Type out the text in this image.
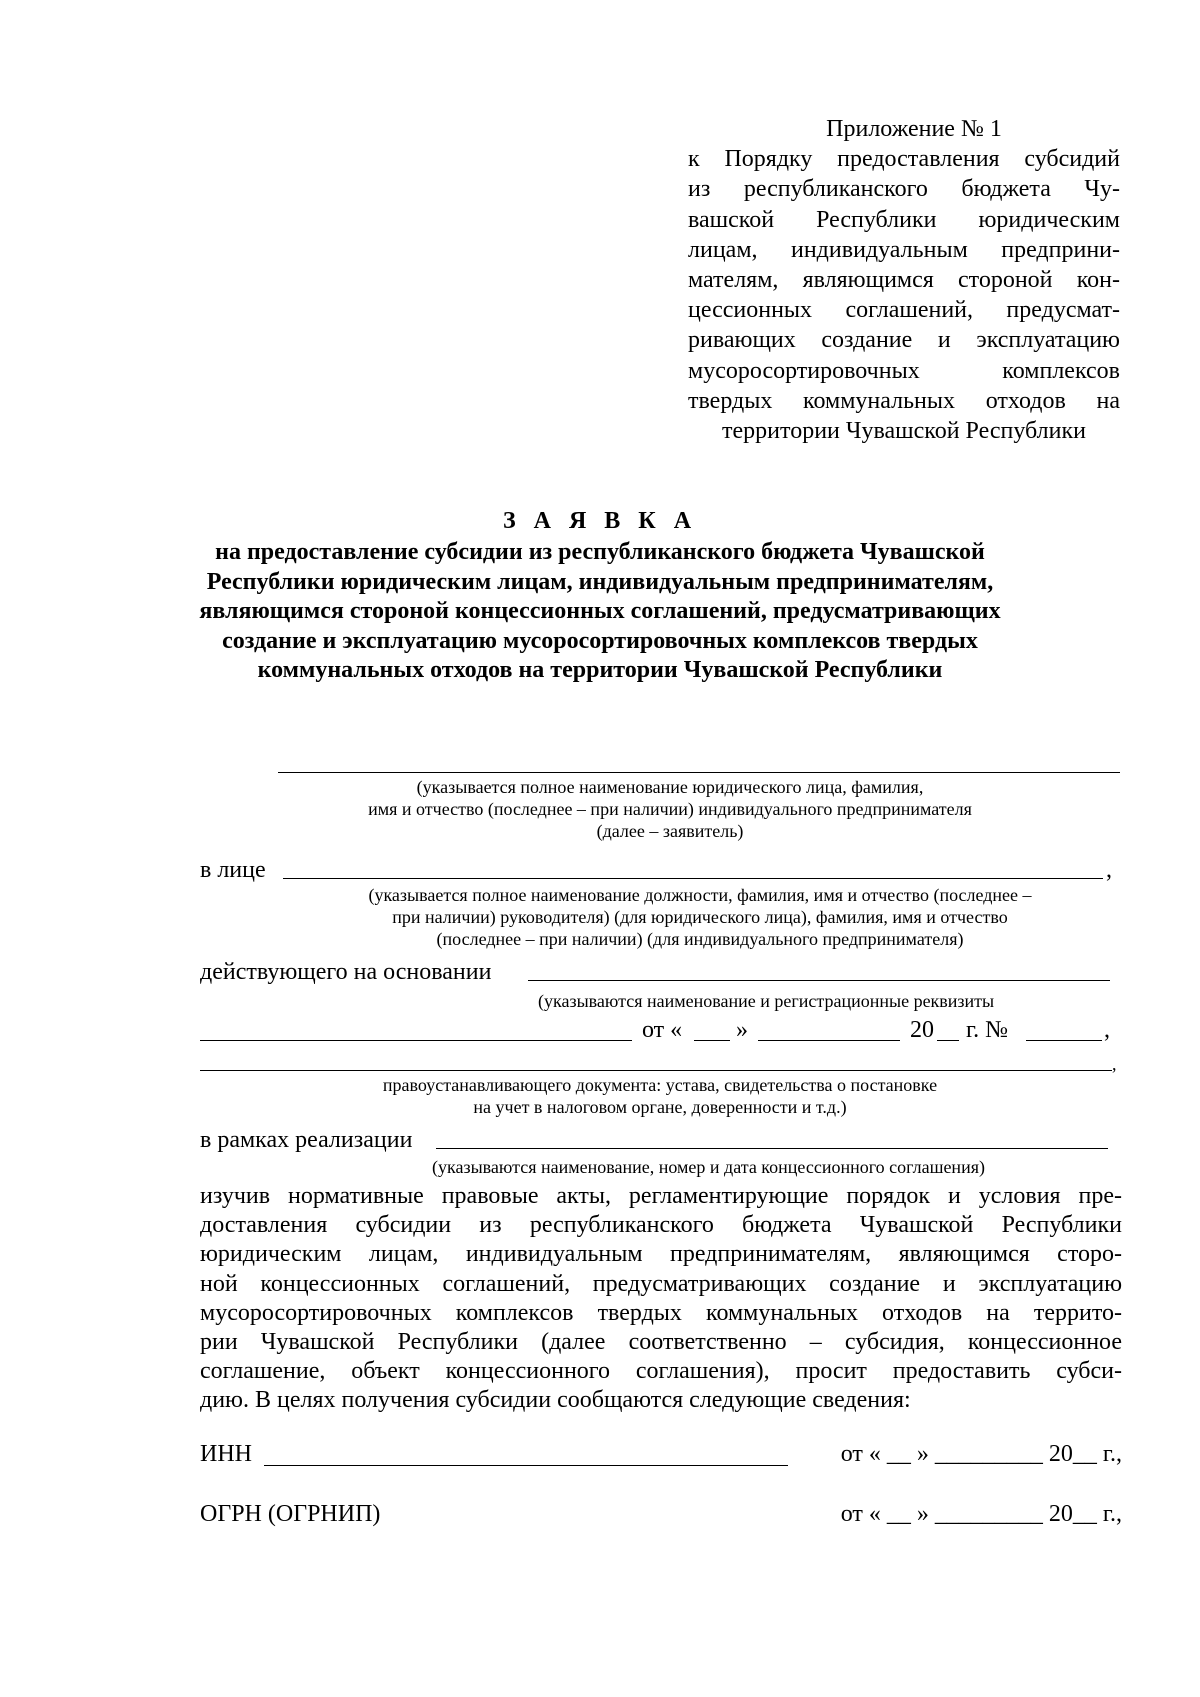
Приложение № 1
к Порядку предоставления субсидий
из республиканского бюджета Чу-
вашской Республики юридическим
лицам, индивидуальным предприни-
мателям, являющимся стороной кон-
цессионных соглашений, предусмат-
ривающих создание и эксплуатацию
мусоросортировочных комплексов
твердых коммунальных отходов на
территории Чувашской Республики
З А Я В К А
на предоставление субсидии из республиканского бюджета Чувашской
Республики юридическим лицам, индивидуальным предпринимателям,
являющимся стороной концессионных соглашений, предусматривающих
создание и эксплуатацию мусоросортировочных комплексов твердых
коммунальных отходов на территории Чувашской Республики
(указывается полное наименование юридического лица, фамилия,
имя и отчество (последнее – при наличии) индивидуального предпринимателя
(далее – заявитель)
в лице	,
(указывается полное наименование должности, фамилия, имя и отчество (последнее –
при наличии) руководителя) (для юридического лица), фамилия, имя и отчество
(последнее – при наличии) (для индивидуального предпринимателя)
действующего на основании
(указываются наименование и регистрационные реквизиты
от « »	20 г. №	,
,
правоустанавливающего документа: устава, свидетельства о постановке
на учет в налоговом органе, доверенности и т.д.)
в рамках реализации
(указываются наименование, номер и дата концессионного соглашения)
изучив нормативные правовые акты, регламентирующие порядок и условия пре-
доставления субсидии из республиканского бюджета Чувашской Республики
юридическим лицам, индивидуальным предпринимателям, являющимся сторо-
ной концессионных соглашений, предусматривающих создание и эксплуатацию
мусоросортировочных комплексов твердых коммунальных отходов на террито-
рии Чувашской Республики (далее соответственно – субсидия, концессионное
соглашение, объект концессионного соглашения), просит предоставить субси-
дию. В целях получения субсидии сообщаются следующие сведения:
ИНН	от « __ » _________ 20__ г.,
ОГРН (ОГРНИП)	от « __ » _________ 20__ г.,
